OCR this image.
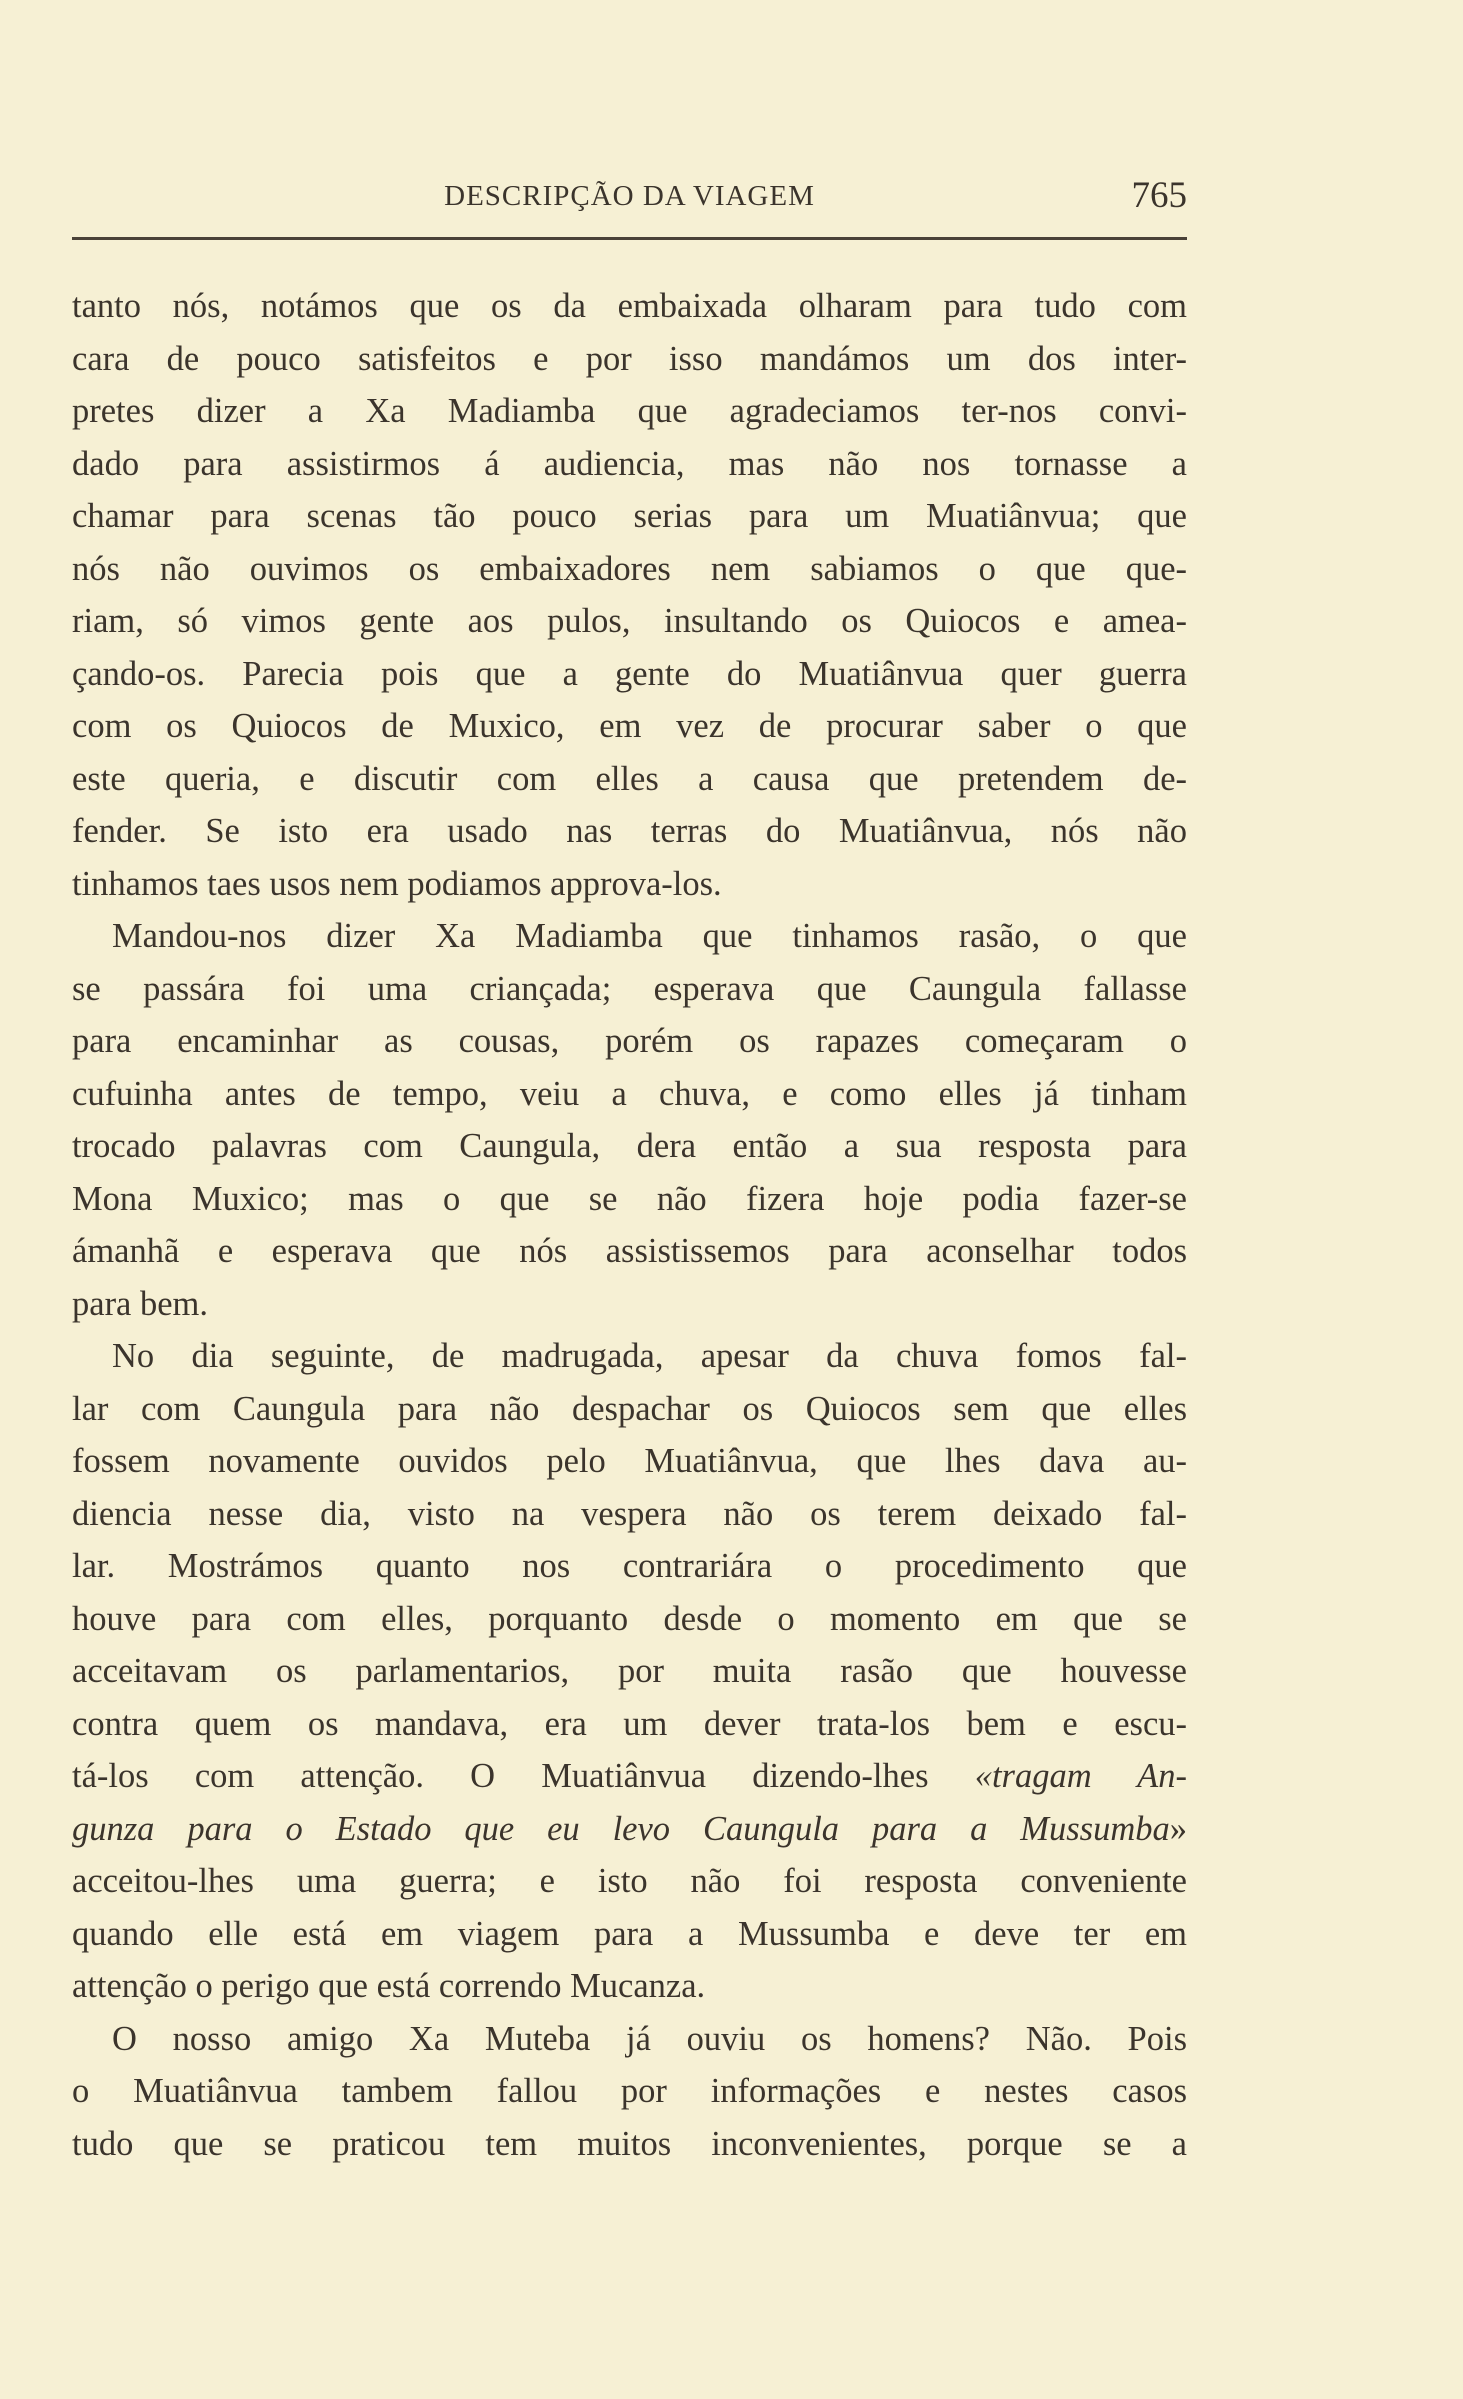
DESCRIPÇÃO DA VIAGEM	765
tanto nós, notámos que os da embaixada olharam para tudo com
cara de pouco satisfeitos e por isso mandámos um dos inter-
pretes dizer a Xa Madiamba que agradeciamos ter-nos convi-
dado para assistirmos á audiencia, mas não nos tornasse a
chamar para scenas tão pouco serias para um Muatiânvua; que
nós não ouvimos os embaixadores nem sabiamos o que que-
riam, só vimos gente aos pulos, insultando os Quiocos e amea-
çando-os. Parecia pois que a gente do Muatiânvua quer guerra
com os Quiocos de Muxico, em vez de procurar saber o que
este queria, e discutir com elles a causa que pretendem de-
fender. Se isto era usado nas terras do Muatiânvua, nós não
tinhamos taes usos nem podiamos approva-los.
Mandou-nos dizer Xa Madiamba que tinhamos rasão, o que
se passára foi uma criançada; esperava que Caungula fallasse
para encaminhar as cousas, porém os rapazes começaram o
cufuinha antes de tempo, veiu a chuva, e como elles já tinham
trocado palavras com Caungula, dera então a sua resposta para
Mona Muxico; mas o que se não fizera hoje podia fazer-se
ámanhã e esperava que nós assistissemos para aconselhar todos
para bem.
No dia seguinte, de madrugada, apesar da chuva fomos fal-
lar com Caungula para não despachar os Quiocos sem que elles
fossem novamente ouvidos pelo Muatiânvua, que lhes dava au-
diencia nesse dia, visto na vespera não os terem deixado fal-
lar. Mostrámos quanto nos contrariára o procedimento que
houve para com elles, porquanto desde o momento em que se
acceitavam os parlamentarios, por muita rasão que houvesse
contra quem os mandava, era um dever trata-los bem e escu-
tá-los com attenção. O Muatiânvua dizendo-lhes «tragam An-
gunza para o Estado que eu levo Caungula para a Mussumba»
acceitou-lhes uma guerra; e isto não foi resposta conveniente
quando elle está em viagem para a Mussumba e deve ter em
attenção o perigo que está correndo Mucanza.
O nosso amigo Xa Muteba já ouviu os homens? Não. Pois
o Muatiânvua tambem fallou por informações e nestes casos
tudo que se praticou tem muitos inconvenientes, porque se a
